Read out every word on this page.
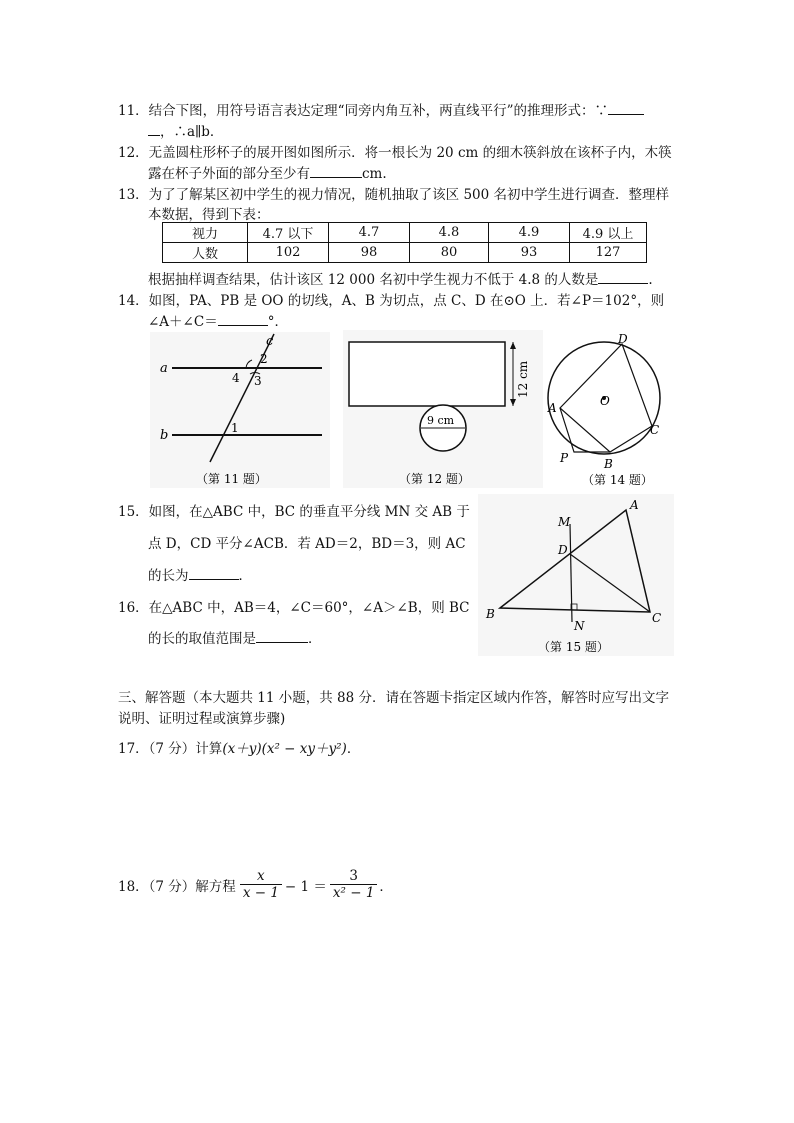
11．结合下图，用符号语言表达定理“同旁内角互补，两直线平行”的推理形式：∵
，∴a∥b．
12．无盖圆柱形杯子的展开图如图所示．将一根长为 20 cm 的细木筷斜放在该杯子内，木筷
露在杯子外面的部分至少有	cm.
13．为了了解某区初中学生的视力情况，随机抽取了该区 500 名初中学生进行调查．整理样
本数据，得到下表：
视力	4.7 以下	4.7	4.8	4.9	4.9 以上
人数	102	98	80	93	127
根据抽样调查结果，估计该区 12 000 名初中学生视力不低于 4.8 的人数是	.
14．如图，PA、PB 是 OO 的切线，A、B 为切点，点 C、D 在⊙O 上．若∠P＝102°，则
∠A＋∠C＝	°．
a
b
c
2
3
4
1
（第 11 题）
12 cm
9 cm
（第 12 题）
A
B
C
D
O
P
（第 14 题）
15．如图，在△ABC 中，BC 的垂直平分线 MN 交 AB 于
点 D，CD 平分∠ACB．若 AD＝2，BD＝3，则 AC
的长为	．
A
B	C
D
M
N
（第 15 题）
16．在△ABC 中，AB＝4，∠C＝60°，∠A＞∠B，则 BC
的长的取值范围是	．
三、解答题（本大题共 11 小题，共 88 分．请在答题卡指定区域内作答，解答时应写出文字
说明、证明过程或演算步骤)
17．（7 分）计算(x＋y)(x² − xy＋y²)．
18．（7 分）解方程 $\frac{x}{x - 1} - 1 = \frac{3}{\text{x² − 1}}$ ．
